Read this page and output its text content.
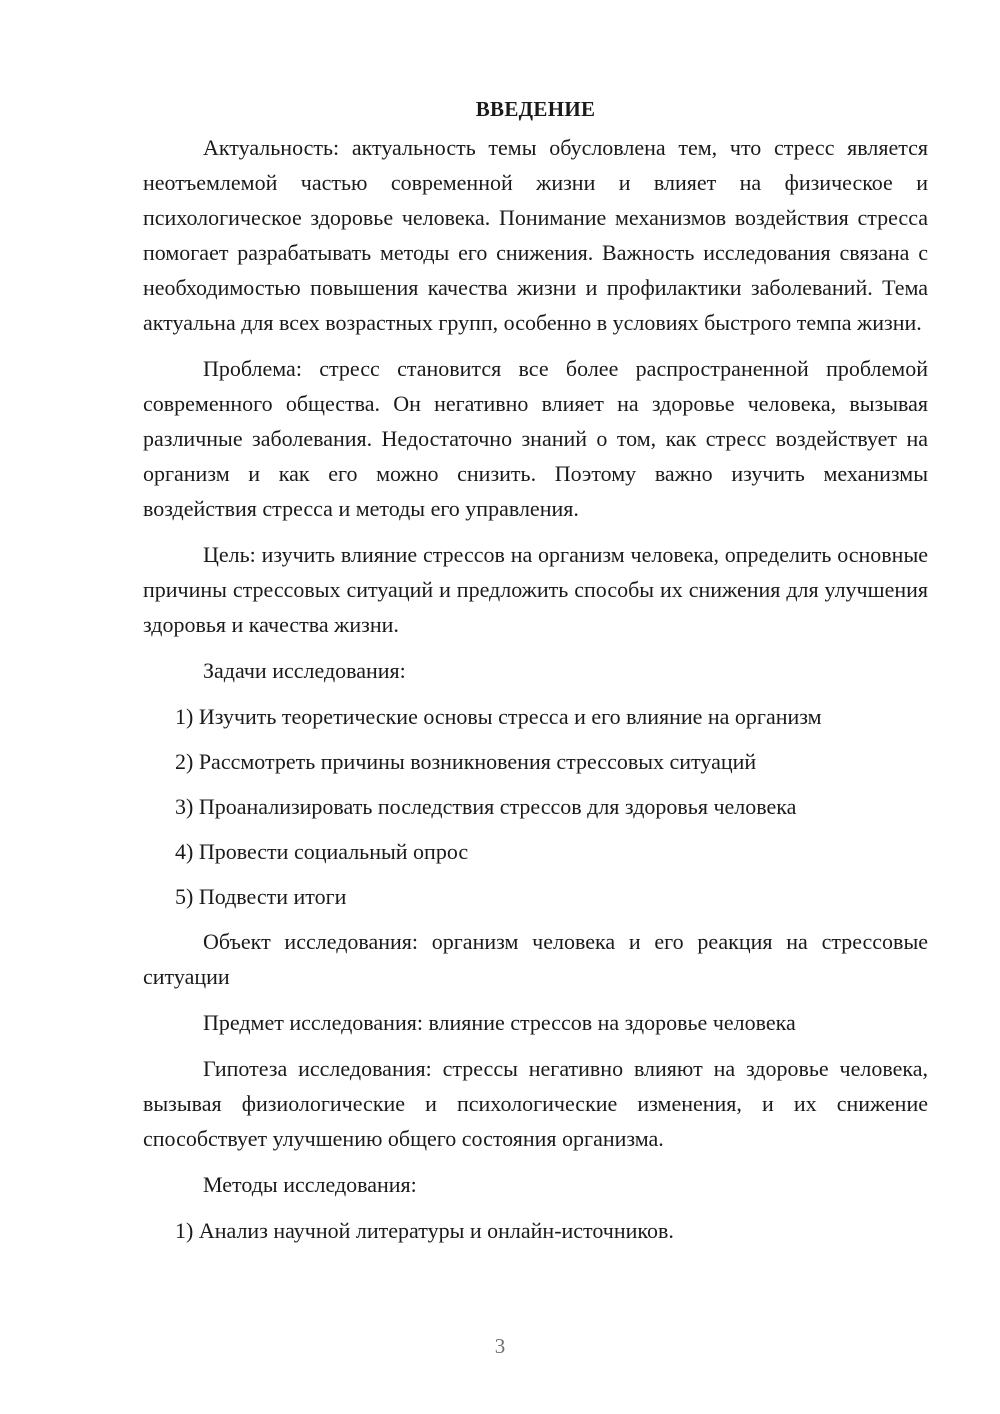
ВВЕДЕНИЕ

Актуальность: актуальность темы обусловлена тем, что стресс является неотъемлемой частью современной жизни и влияет на физическое и психологическое здоровье человека. Понимание механизмов воздействия стресса помогает разрабатывать методы его снижения. Важность исследования связана с необходимостью повышения качества жизни и профилактики заболеваний. Тема актуальна для всех возрастных групп, особенно в условиях быстрого темпа жизни.

Проблема: стресс становится все более распространенной проблемой современного общества. Он негативно влияет на здоровье человека, вызывая различные заболевания. Недостаточно знаний о том, как стресс воздействует на организм и как его можно снизить. Поэтому важно изучить механизмы воздействия стресса и методы его управления.

Цель: изучить влияние стрессов на организм человека, определить основные причины стрессовых ситуаций и предложить способы их снижения для улучшения здоровья и качества жизни.

Задачи исследования:

1) Изучить теоретические основы стресса и его влияние на организм

2) Рассмотреть причины возникновения стрессовых ситуаций

3) Проанализировать последствия стрессов для здоровья человека

4) Провести социальный опрос

5) Подвести итоги

Объект исследования: организм человека и его реакция на стрессовые ситуации

Предмет исследования: влияние стрессов на здоровье человека

Гипотеза исследования: стрессы негативно влияют на здоровье человека, вызывая физиологические и психологические изменения, и их снижение способствует улучшению общего состояния организма.

Методы исследования:

1) Анализ научной литературы и онлайн-источников.

3
